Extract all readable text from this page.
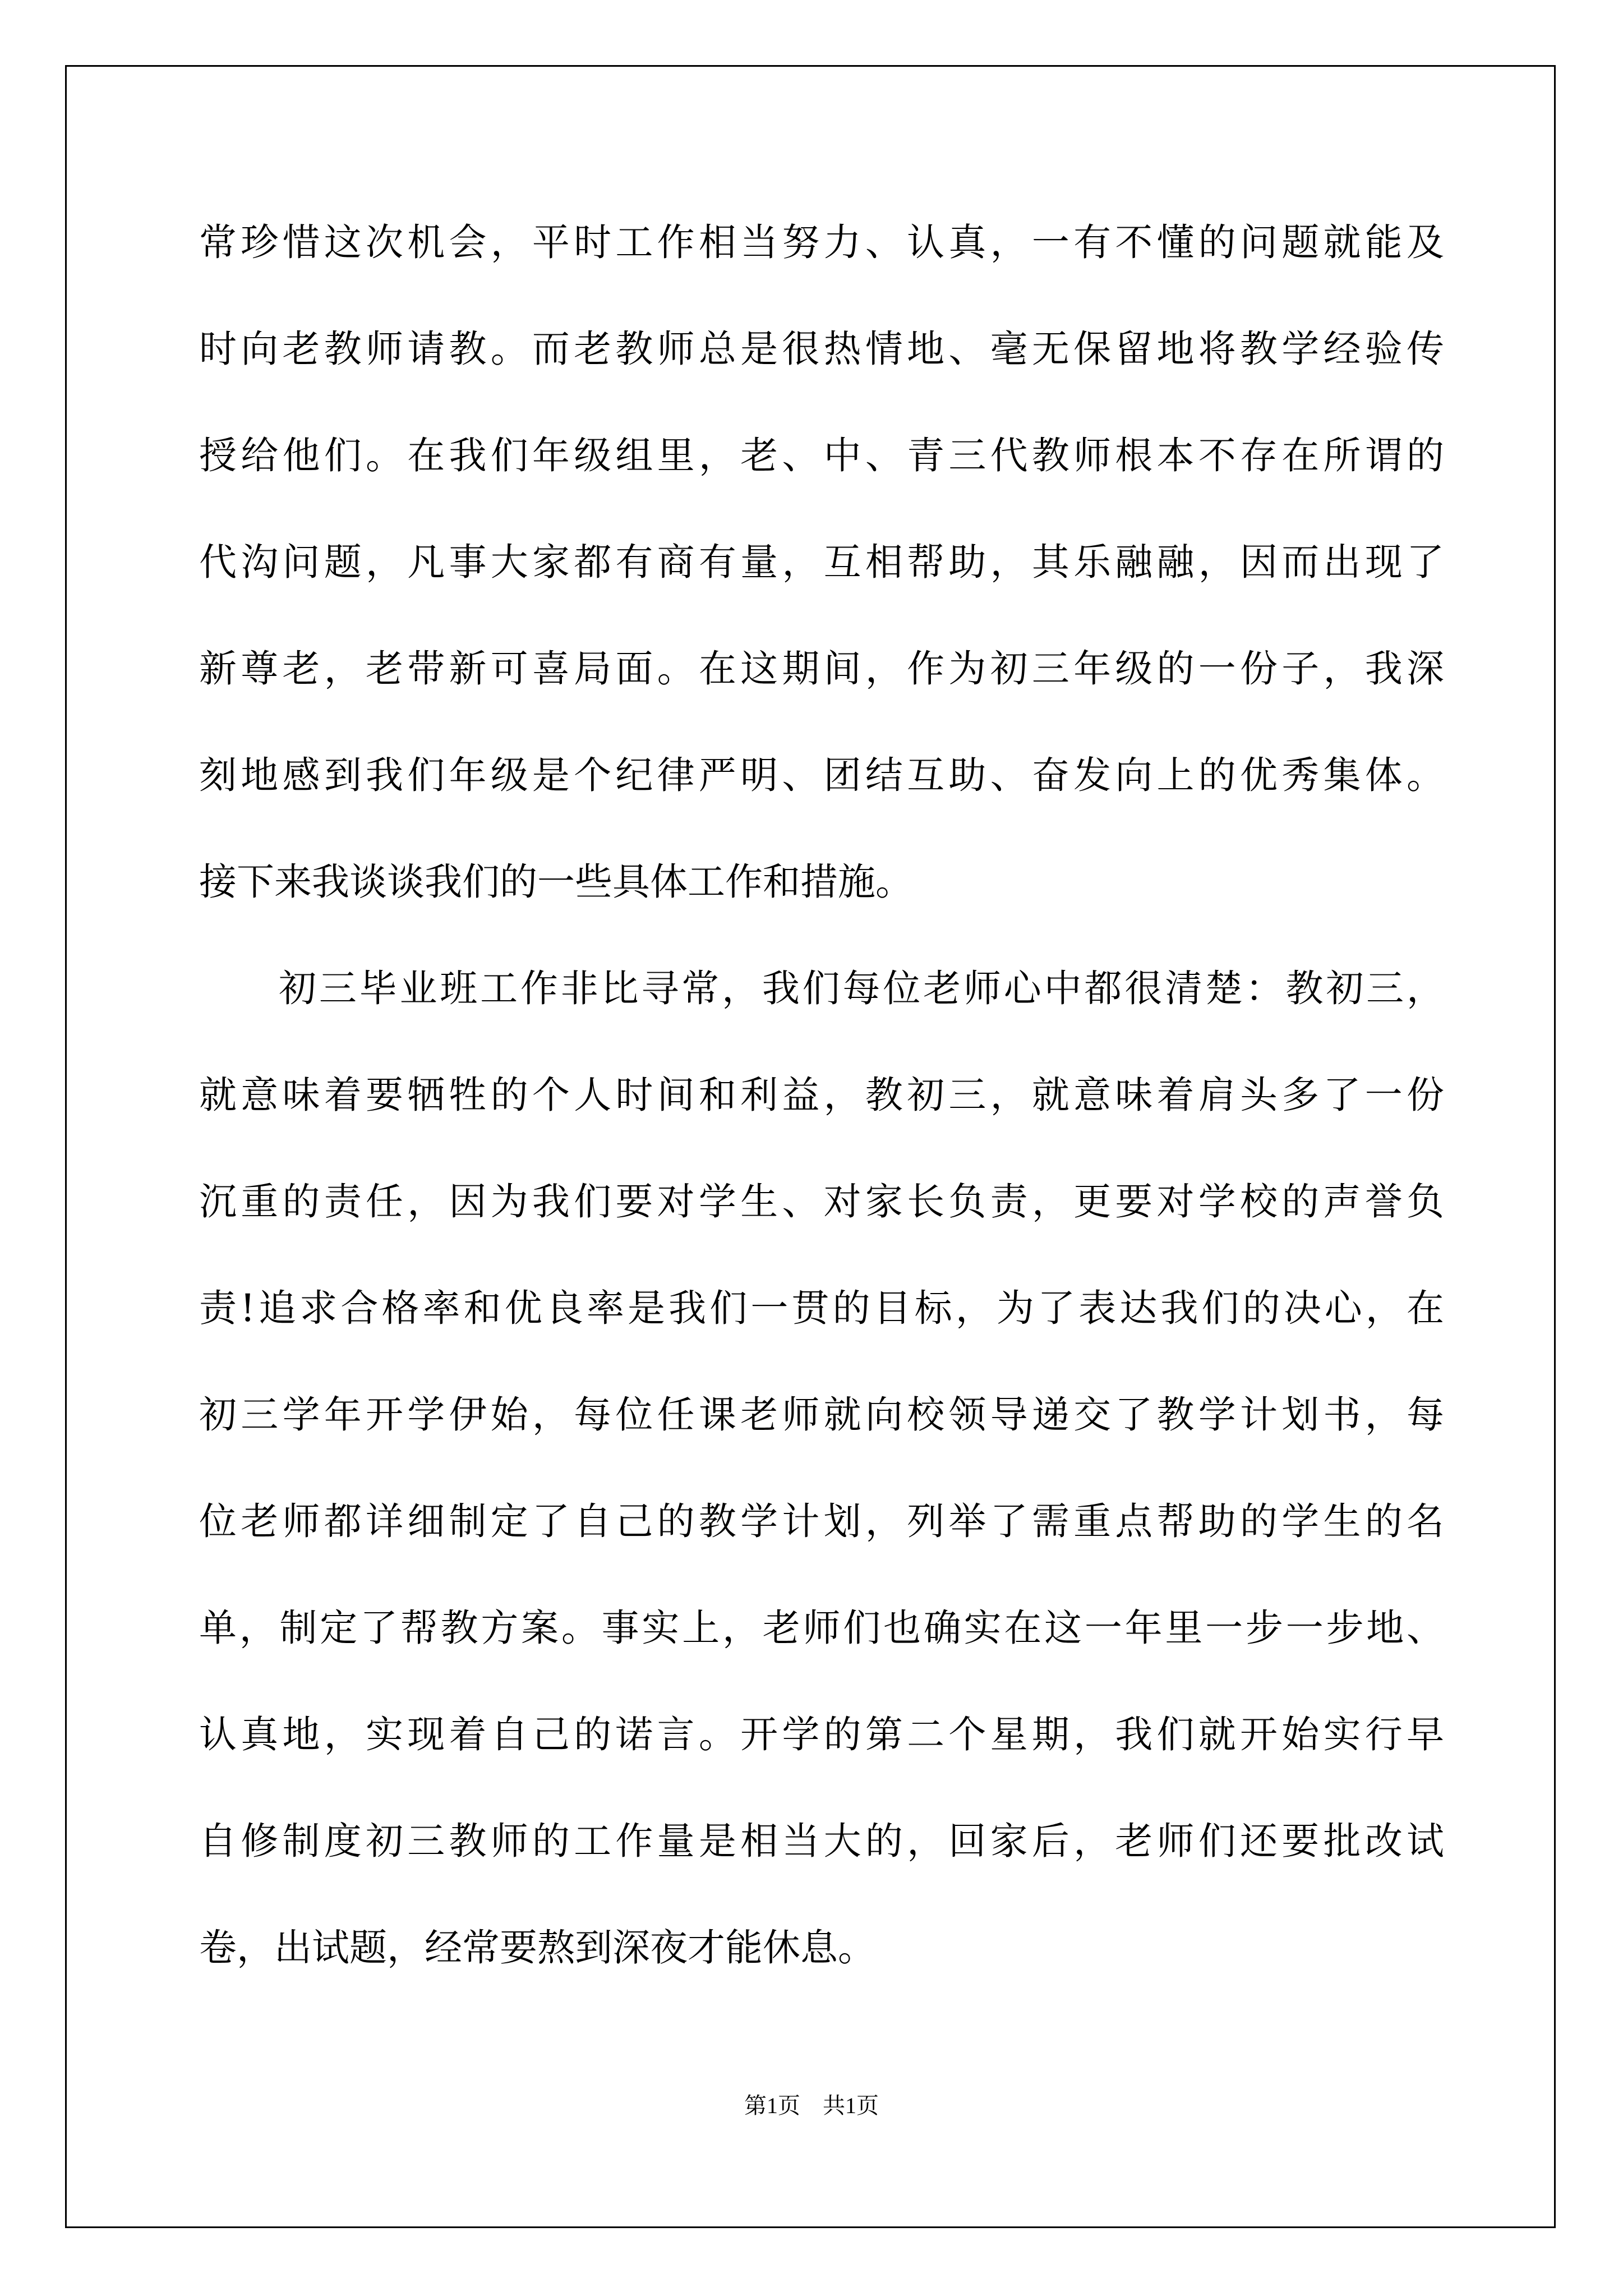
常珍惜这次机会，平时工作相当努力、认真，一有不懂的问题就能及
时向老教师请教。而老教师总是很热情地、毫无保留地将教学经验传
授给他们。在我们年级组里，老、中、青三代教师根本不存在所谓的
代沟问题，凡事大家都有商有量，互相帮助，其乐融融，因而出现了
新尊老，老带新可喜局面。在这期间，作为初三年级的一份子，我深
刻地感到我们年级是个纪律严明、团结互助、奋发向上的优秀集体。
接下来我谈谈我们的一些具体工作和措施。
初三毕业班工作非比寻常，我们每位老师心中都很清楚：教初三，
就意味着要牺牲的个人时间和利益，教初三，就意味着肩头多了一份
沉重的责任，因为我们要对学生、对家长负责，更要对学校的声誉负
责!追求合格率和优良率是我们一贯的目标，为了表达我们的决心，在
初三学年开学伊始，每位任课老师就向校领导递交了教学计划书，每
位老师都详细制定了自己的教学计划，列举了需重点帮助的学生的名
单，制定了帮教方案。事实上，老师们也确实在这一年里一步一步地、
认真地，实现着自己的诺言。开学的第二个星期，我们就开始实行早
自修制度初三教师的工作量是相当大的，回家后，老师们还要批改试
卷，出试题，经常要熬到深夜才能休息。
第1页　共1页
